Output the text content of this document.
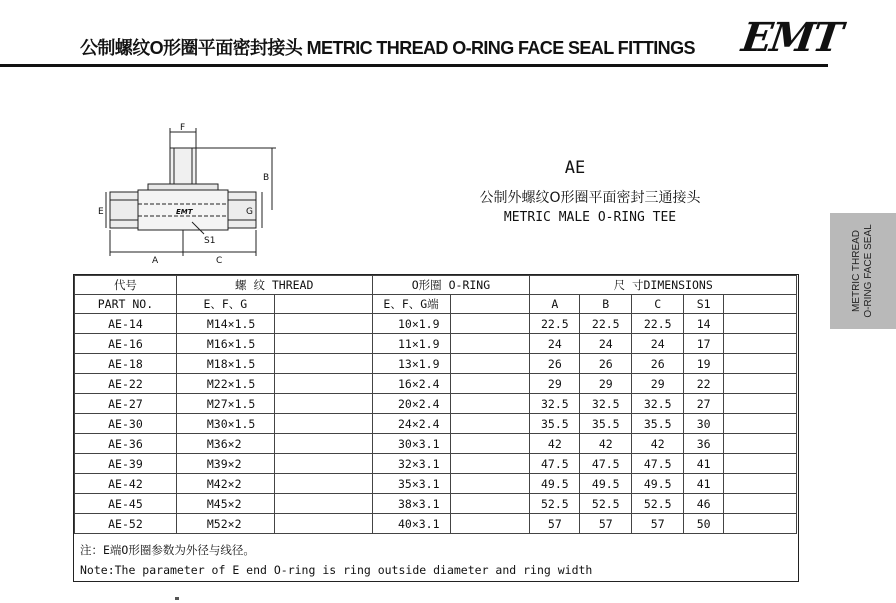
公制螺纹O形圈平面密封接头 METRIC THREAD O-RING FACE SEAL FITTINGS EMT
METRIC THREAD O-RING FACE SEAL
F
B
G
E
S1
A	C
EMT
AE
公制外螺纹O形圈平面密封三通接头
METRIC MALE O-RING TEE
代号	螺 纹 THREAD		O形圈 O-RING		尺 寸DIMENSIONS				
PART NO.	E、F、G		E、F、G端		A	B	C	S1	
AE-14	M14×1.5		10×1.9		22.5	22.5	22.5	14	
AE-16	M16×1.5		11×1.9		24	24	24	17	
AE-18	M18×1.5		13×1.9		26	26	26	19	
AE-22	M22×1.5		16×2.4		29	29	29	22	
AE-27	M27×1.5		20×2.4		32.5	32.5	32.5	27	
AE-30	M30×1.5		24×2.4		35.5	35.5	35.5	30	
AE-36	M36×2		30×3.1		42	42	42	36	
AE-39	M39×2		32×3.1		47.5	47.5	47.5	41	
AE-42	M42×2		35×3.1		49.5	49.5	49.5	41	
AE-45	M45×2		38×3.1		52.5	52.5	52.5	46	
AE-52	M52×2		40×3.1		57	57	57	50	
注：E端O形圈参数为外径与线径。
Note:The parameter of E end O-ring is ring outside diameter and ring width
